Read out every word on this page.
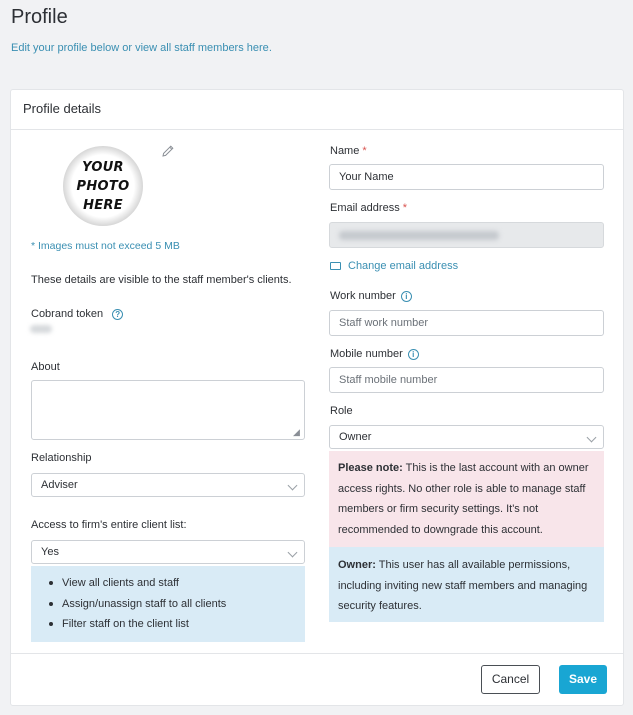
Profile

Edit your profile below or view all staff members here.

Profile details
YOUR
PHOTO
HERE
* Images must not exceed 5 MB
These details are visible to the staff member's clients.
Cobrand token ?
About
◢
Relationship
Adviser
Access to firm's entire client list:
Yes
View all clients and staff
Assign/unassign staff to all clients
Filter staff on the client list
Name *
Your Name
Email address *
Change email address
Work number i
Staff work number
Mobile number i
Staff mobile number
Role
Owner
Please note: This is the last account with an owner access rights. No other role is able to manage staff members or firm security settings. It's not recommended to downgrade this account.
Owner: This user has all available permissions, including inviting new staff members and managing security features.
Cancel	Save
